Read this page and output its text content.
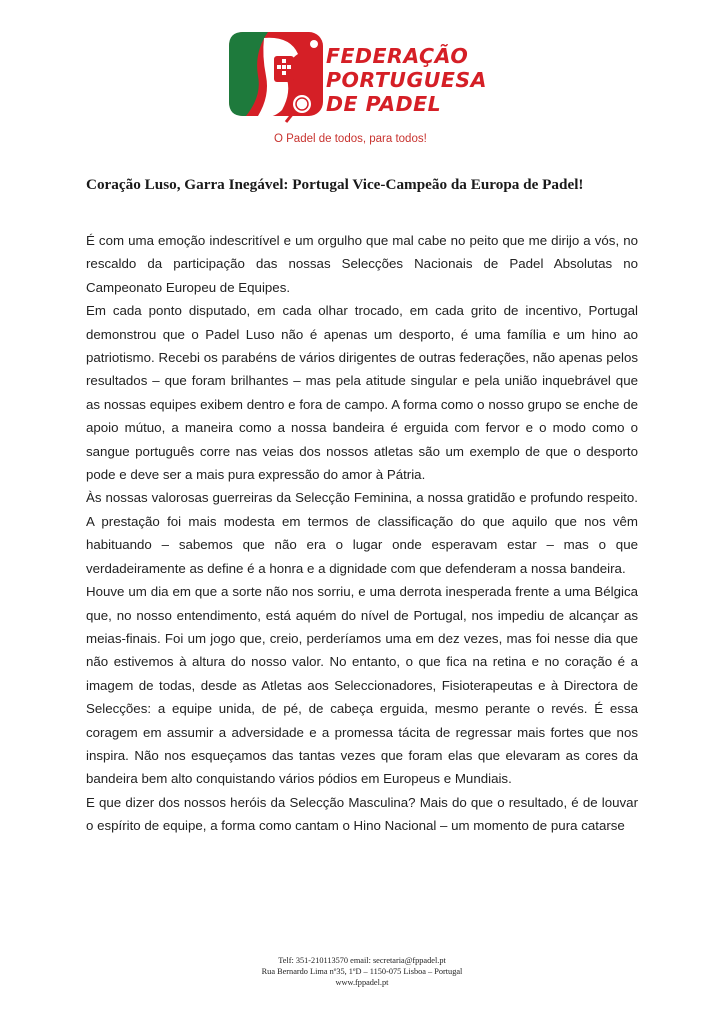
FEDERAÇÃO
PORTUGUESA
DE PADEL
O Padel de todos, para todos!
Coração Luso, Garra Inegável: Portugal Vice-Campeão da Europa de Padel!

É com uma emoção indescritível e um orgulho que mal cabe no peito que me dirijo a vós, no rescaldo da participação das nossas Selecções Nacionais de Padel Absolutas no Campeonato Europeu de Equipes.

Em cada ponto disputado, em cada olhar trocado, em cada grito de incentivo, Portugal demonstrou que o Padel Luso não é apenas um desporto, é uma família e um hino ao patriotismo. Recebi os parabéns de vários dirigentes de outras federações, não apenas pelos resultados – que foram brilhantes – mas pela atitude singular e pela união inquebrável que as nossas equipes exibem dentro e fora de campo. A forma como o nosso grupo se enche de apoio mútuo, a maneira como a nossa bandeira é erguida com fervor e o modo como o sangue português corre nas veias dos nossos atletas são um exemplo de que o desporto pode e deve ser a mais pura expressão do amor à Pátria.

Às nossas valorosas guerreiras da Selecção Feminina, a nossa gratidão e profundo respeito. A prestação foi mais modesta em termos de classificação do que aquilo que nos vêm habituando – sabemos que não era o lugar onde esperavam estar – mas o que verdadeiramente as define é a honra e a dignidade com que defenderam a nossa bandeira.

Houve um dia em que a sorte não nos sorriu, e uma derrota inesperada frente a uma Bélgica que, no nosso entendimento, está aquém do nível de Portugal, nos impediu de alcançar as meias-finais. Foi um jogo que, creio, perderíamos uma em dez vezes, mas foi nesse dia que não estivemos à altura do nosso valor. No entanto, o que fica na retina e no coração é a imagem de todas, desde as Atletas aos Seleccionadores, Fisioterapeutas e à Directora de Selecções: a equipe unida, de pé, de cabeça erguida, mesmo perante o revés. É essa coragem em assumir a adversidade e a promessa tácita de regressar mais fortes que nos inspira. Não nos esqueçamos das tantas vezes que foram elas que elevaram as cores da bandeira bem alto conquistando vários pódios em Europeus e Mundiais.

E que dizer dos nossos heróis da Selecção Masculina? Mais do que o resultado, é de louvar o espírito de equipe, a forma como cantam o Hino Nacional – um momento de pura catarse

Telf: 351-210113570 email: secretaria@fppadel.pt
Rua Bernardo Lima nº35, 1ºD – 1150-075 Lisboa – Portugal
www.fppadel.pt
